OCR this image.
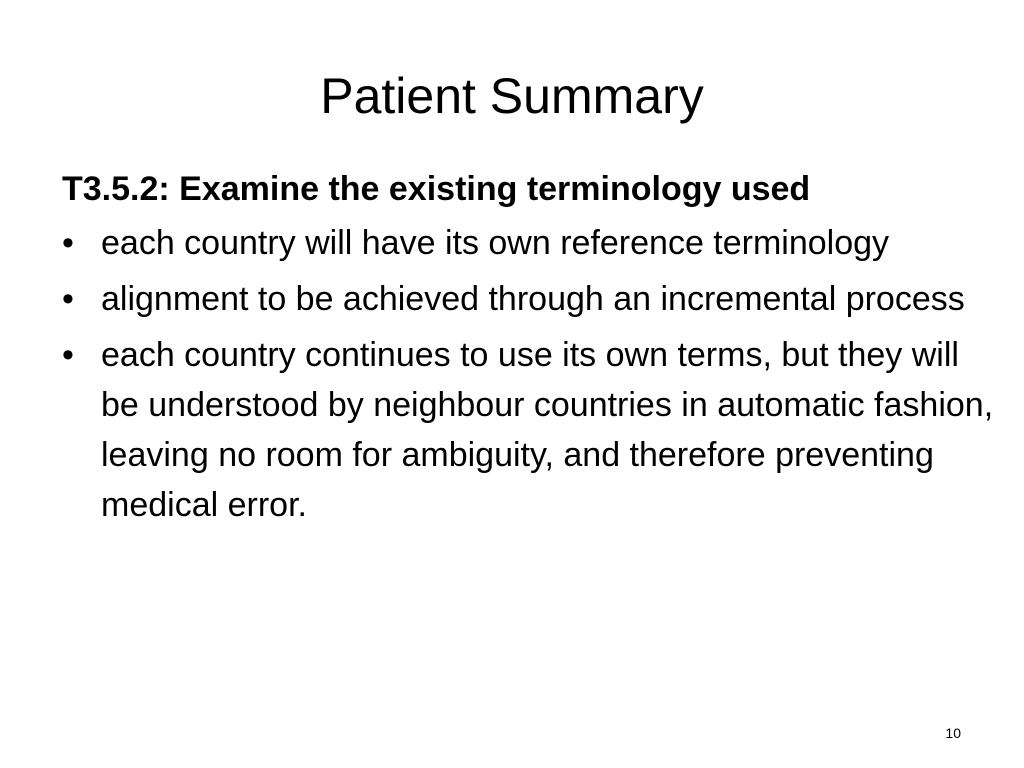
Patient Summary

T3.5.2: Examine the existing terminology used

• each country will have its own reference terminology
• alignment to be achieved through an incremental process
• each country continues to use its own terms, but they will be understood by neighbour countries in automatic fashion, leaving no room for ambiguity, and therefore preventing medical error.
10
